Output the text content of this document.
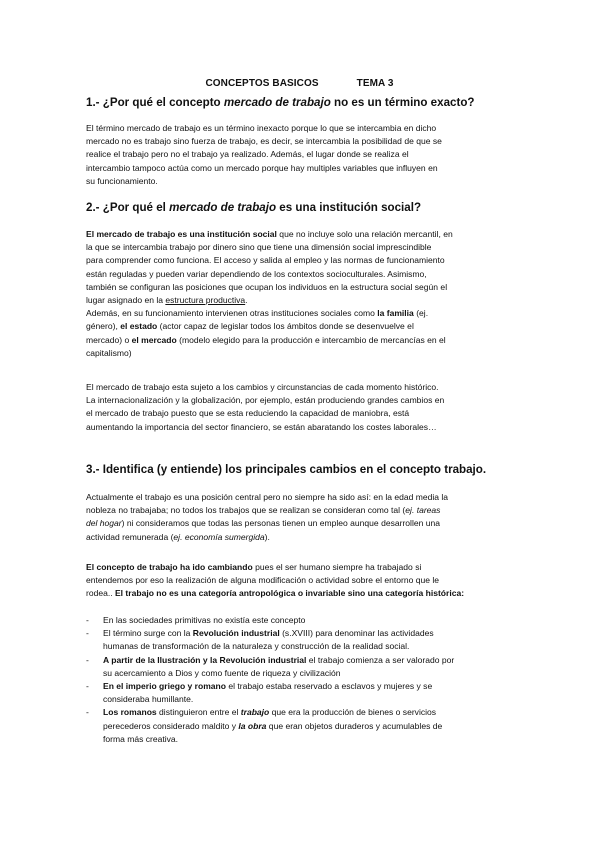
CONCEPTOS BASICOS	TEMA 3
1.- ¿Por qué el concepto mercado de trabajo no es un término exacto?
El término mercado de trabajo es un término inexacto porque lo que se intercambia en dicho
mercado no es trabajo sino fuerza de trabajo, es decir, se intercambia la posibilidad de que se
realice el trabajo pero no el trabajo ya realizado. Además, el lugar donde se realiza el
intercambio tampoco actúa como un mercado porque hay multiples variables que influyen en
su funcionamiento.
2.- ¿Por qué el mercado de trabajo es una institución social?
El mercado de trabajo es una institución social que no incluye solo una relación mercantil, en
la que se intercambia trabajo por dinero sino que tiene una dimensión social imprescindible
para comprender como funciona. El acceso y salida al empleo y las normas de funcionamiento
están reguladas y pueden variar dependiendo de los contextos socioculturales. Asimismo,
también se configuran las posiciones que ocupan los individuos en la estructura social según el
lugar asignado en la estructura productiva.
Además, en su funcionamiento intervienen otras instituciones sociales como la familia (ej.
género), el estado (actor capaz de legislar todos los ámbitos donde se desenvuelve el
mercado) o el mercado (modelo elegido para la producción e intercambio de mercancías en el
capitalismo)
El mercado de trabajo esta sujeto a los cambios y circunstancias de cada momento histórico.
La internacionalización y la globalización, por ejemplo, están produciendo grandes cambios en
el mercado de trabajo puesto que se esta reduciendo la capacidad de maniobra, está
aumentando la importancia del sector financiero, se están abaratando los costes laborales…
3.- Identifica (y entiende) los principales cambios en el concepto trabajo.
Actualmente el trabajo es una posición central pero no siempre ha sido así: en la edad media la
nobleza no trabajaba; no todos los trabajos que se realizan se consideran como tal (ej. tareas
del hogar) ni consideramos que todas las personas tienen un empleo aunque desarrollen una
actividad remunerada (ej. economía sumergida).
El concepto de trabajo ha ido cambiando pues el ser humano siempre ha trabajado si
entendemos por eso la realización de alguna modificación o actividad sobre el entorno que le
rodea.. El trabajo no es una categoría antropológica o invariable sino una categoría histórica:
- En las sociedades primitivas no existía este concepto
- El término surge con la Revolución industrial (s.XVIII) para denominar las actividades
humanas de transformación de la naturaleza y construcción de la realidad social.
- A partir de la Ilustración y la Revolución industrial el trabajo comienza a ser valorado por
su acercamiento a Dios y como fuente de riqueza y civilización
- En el imperio griego y romano el trabajo estaba reservado a esclavos y mujeres y se
consideraba humillante.
- Los romanos distinguieron entre el trabajo que era la producción de bienes o servicios
perecederos considerado maldito y la obra que eran objetos duraderos y acumulables de
forma más creativa.
